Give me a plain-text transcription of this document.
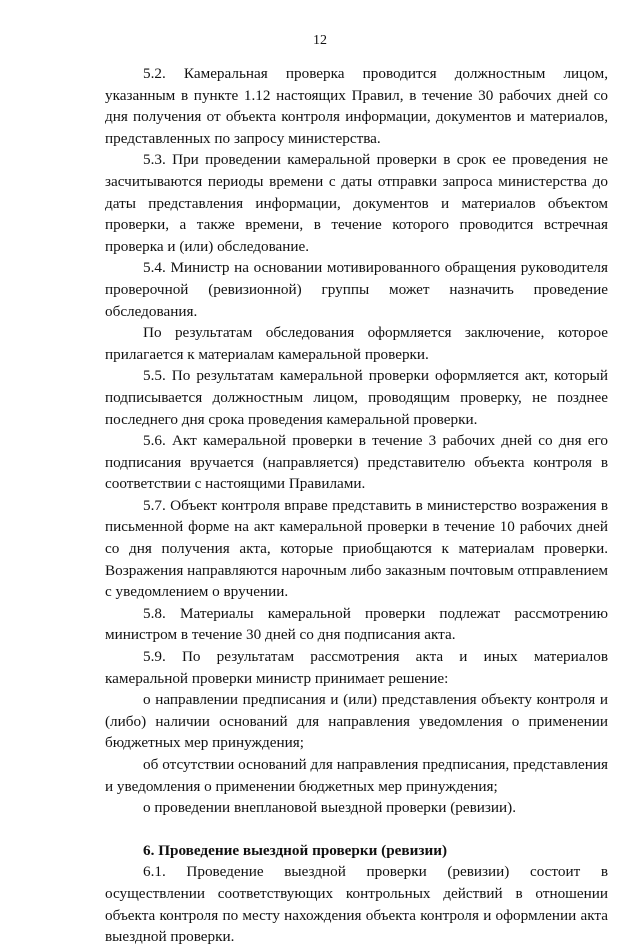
12

5.2. Камеральная проверка проводится должностным лицом, указанным в пункте 1.12 настоящих Правил, в течение 30 рабочих дней со дня получения от объекта контроля информации, документов и материалов, представленных по запросу министерства.

5.3. При проведении камеральной проверки в срок ее проведения не засчитываются периоды времени с даты отправки запроса министерства до даты представления информации, документов и материалов объектом проверки, а также времени, в течение которого проводится встречная проверка и (или) обследование.

5.4. Министр на основании мотивированного обращения руководителя проверочной (ревизионной) группы может назначить проведение обследования.

По результатам обследования оформляется заключение, которое прилагается к материалам камеральной проверки.

5.5. По результатам камеральной проверки оформляется акт, который подписывается должностным лицом, проводящим проверку, не позднее последнего дня срока проведения камеральной проверки.

5.6. Акт камеральной проверки в течение 3 рабочих дней со дня его подписания вручается (направляется) представителю объекта контроля в соответствии с настоящими Правилами.

5.7. Объект контроля вправе представить в министерство возражения в письменной форме на акт камеральной проверки в течение 10 рабочих дней со дня получения акта, которые приобщаются к материалам проверки. Возражения направляются нарочным либо заказным почтовым отправлением с уведомлением о вручении.

5.8. Материалы камеральной проверки подлежат рассмотрению министром в течение 30 дней со дня подписания акта.

5.9. По результатам рассмотрения акта и иных материалов камеральной проверки министр принимает решение:

о направлении предписания и (или) представления объекту контроля и (либо) наличии оснований для направления уведомления о применении бюджетных мер принуждения;

об отсутствии оснований для направления предписания, представления и уведомления о применении бюджетных мер принуждения;

о проведении внеплановой выездной проверки (ревизии).

6. Проведение выездной проверки (ревизии)

6.1. Проведение выездной проверки (ревизии) состоит в осуществлении соответствующих контрольных действий в отношении объекта контроля по месту нахождения объекта контроля и оформлении акта выездной проверки.
